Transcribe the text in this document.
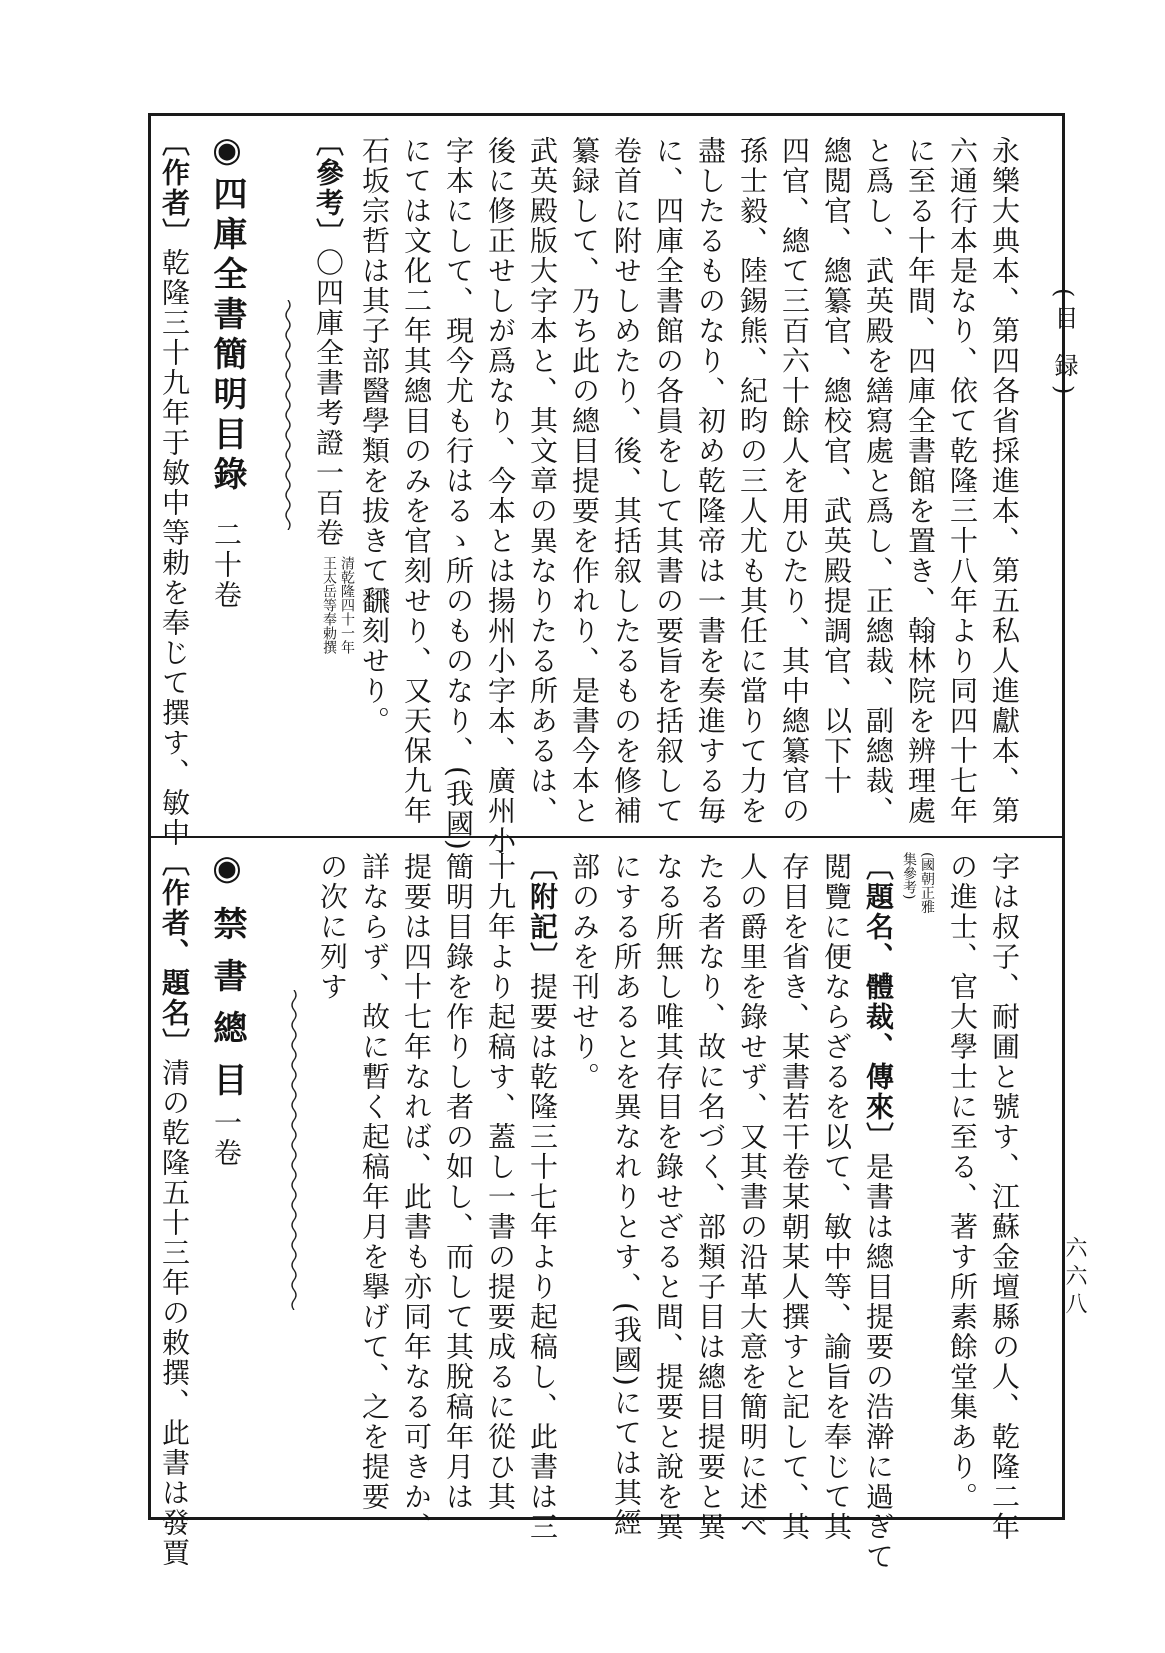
(目 録)
六六八
永樂大典本、第四各省採進本、第五私人進獻本、第
六通行本是なり、依て乾隆三十八年より同四十七年
に至る十年間、四庫全書館を置き、翰林院を辨理處
と爲し、武英殿を繕寫處と爲し、正總裁、副總裁、
總閲官、總纂官、總校官、武英殿提調官、以下十
四官、總て三百六十餘人を用ひたり、其中總纂官の
孫士毅、陸錫熊、紀昀の三人尤も其任に當りて力を
盡したるものなり、初め乾隆帝は一書を奏進する毎
に、四庫全書館の各員をして其書の要旨を括叙して
卷首に附せしめたり、後、其括叙したるものを修補
纂録して、乃ち此の總目提要を作れり、是書今本と
武英殿版大字本と、其文章の異なりたる所あるは、
後に修正せしが爲なり、今本とは揚州小字本、廣州小
字本にして、現今尤も行はるゝ所のものなり、(我國)
にては文化二年其總目のみを官刻せり、又天保九年
石坂宗哲は其子部醫學類を拔きて飜刻せり。
〔參考〕〇四庫全書考證一百卷
清乾隆四十一年
王太岳等奉勅撰
◉四庫全書簡明目錄
二十卷
〔作者〕乾隆三十九年于敏中等勅を奉じて撰す、敏中
字は叔子、耐圃と號す、江蘇金壇縣の人、乾隆二年
の進士、官大學士に至る、著す所素餘堂集あり。
(國朝正雅
集參考)
〔題名、體裁、傳來〕是書は總目提要の浩澣に過ぎて
閲覽に便ならざるを以て、敏中等、諭旨を奉じて其
存目を省き、某書若干卷某朝某人撰すと記して、其
人の爵里を錄せず、又其書の沿革大意を簡明に述べ
たる者なり、故に名づく、部類子目は總目提要と異
なる所無し唯其存目を錄せざると間、提要と說を異
にする所あるとを異なれりとす、(我國)にては其經
部のみを刊せり。
〔附記〕提要は乾隆三十七年より起稿し、此書は三
十九年より起稿す、蓋し一書の提要成るに從ひ其
簡明目錄を作りし者の如し、而して其脫稿年月は
提要は四十七年なれば、此書も亦同年なる可きか、
詳ならず、故に暫く起稿年月を擧げて、之を提要
の次に列す
◉禁書總目
一卷
〔作者、題名〕清の乾隆五十三年の敕撰、此書は發賈
